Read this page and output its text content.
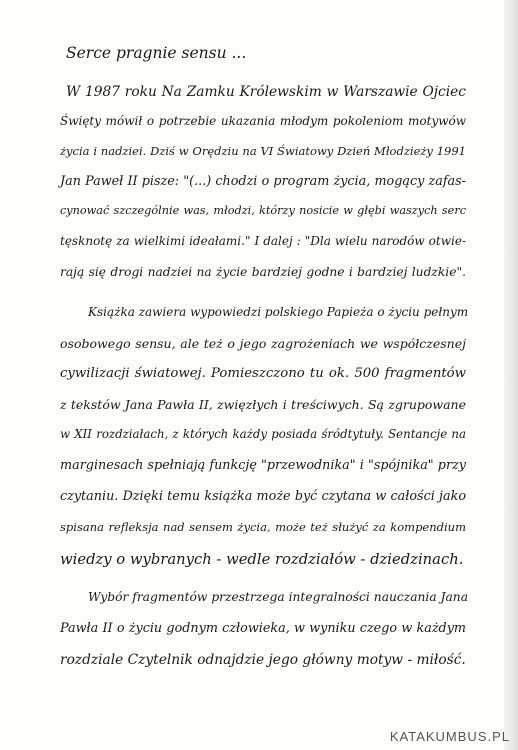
Serce pragnie sensu ...
W 1987 roku Na Zamku Królewskim w Warszawie Ojciec
Święty mówił o potrzebie ukazania młodym pokoleniom motywów
życia i nadziei. Dziś w Orędziu na VI Światowy Dzień Młodzieży 1991
Jan Paweł II pisze: "(...) chodzi o program życia, mogący zafas-
cynować szczególnie was, młodzi, którzy nosicie w głębi waszych serc
tęsknotę za wielkimi ideałami." I dalej : "Dla wielu narodów otwie-
rają się drogi nadziei na życie bardziej godne i bardziej ludzkie".
Książka zawiera wypowiedzi polskiego Papieża o życiu pełnym
osobowego sensu, ale też o jego zagrożeniach we współczesnej
cywilizacji światowej. Pomieszczono tu ok. 500 fragmentów
z tekstów Jana Pawła II, zwięzłych i treściwych. Są zgrupowane
w XII rozdziałach, z których każdy posiada śródtytuły. Sentancje na
marginesach spełniają funkcję "przewodnika" i "spójnika" przy
czytaniu. Dzięki temu książka może być czytana w całości jako
spisana refleksja nad sensem życia, może też służyć za kompendium
wiedzy o wybranych - wedle rozdziałów - dziedzinach.
Wybór fragmentów przestrzega integralności nauczania Jana
Pawła II o życiu godnym człowieka, w wyniku czego w każdym
rozdziale Czytelnik odnajdzie jego główny motyw - miłość.
KATAKUMBUS.PL
